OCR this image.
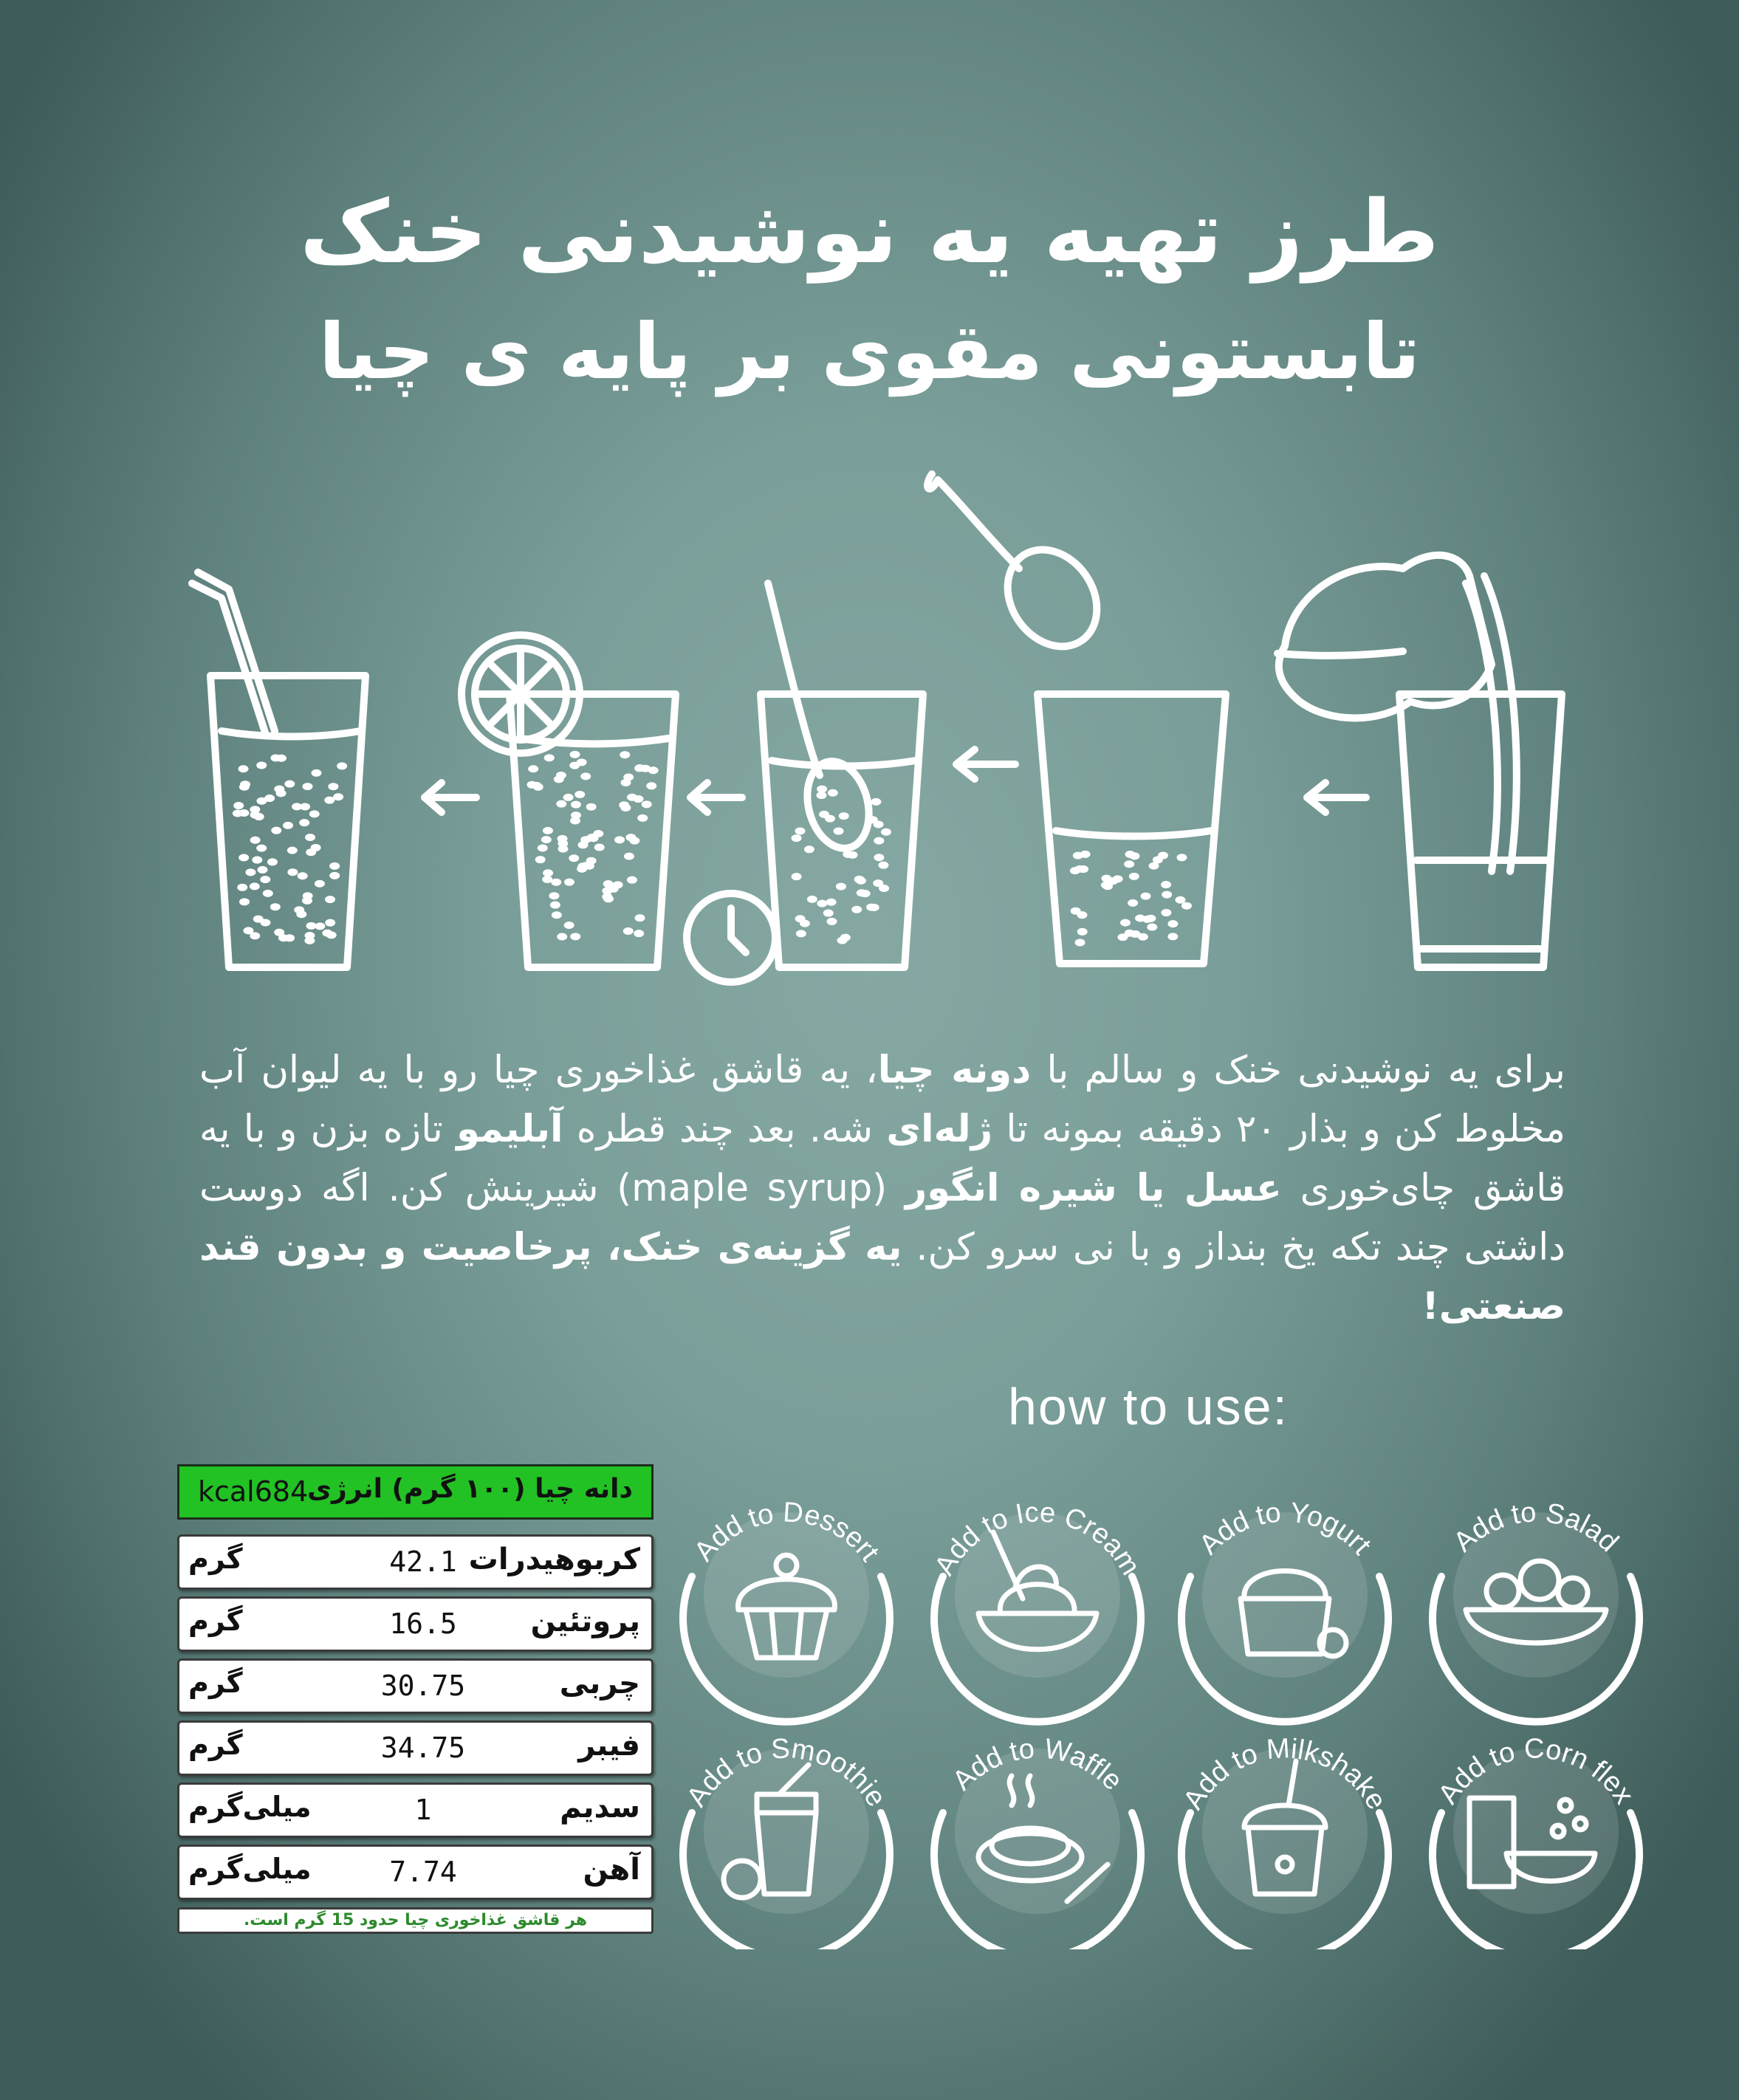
طرز تهیه یه نوشیدنی خنک
تابستونی مقوی بر پایه ی چیا
برای یه نوشیدنی خنک و سالم با دونه چیا، یه قاشق غذاخوری چیا رو با یه لیوان آب مخلوط کن و بذار ۲۰ دقیقه بمونه تا ژله‌ای شه. بعد چند قطره آبلیمو تازه بزن و با یه قاشق چای‌خوری عسل یا شیره انگور (maple syrup) شیرینش کن. اگه دوست داشتی چند تکه یخ بنداز و با نی سرو کن. یه گزینه‌ی خنک، پرخاصیت و بدون قند صنعتی!
how to use:
دانه چیا (۱۰۰ گرم) انرژی
kcal684
کربوهیدرات
42.1
گرم
پروتئین
16.5
گرم
چربی
30.75
گرم
فیبر
34.75
گرم
سدیم
1
میلی‌گرم
آهن
7.74
میلی‌گرم
هر قاشق غذاخوری چیا حدود 15 گرم است.
Add to Salad
Add to Yogurt
Add to Ice Cream
Add to Dessert
Add to Corn flex
Add to Milkshake
Add to Waffle
Add to Smoothie
